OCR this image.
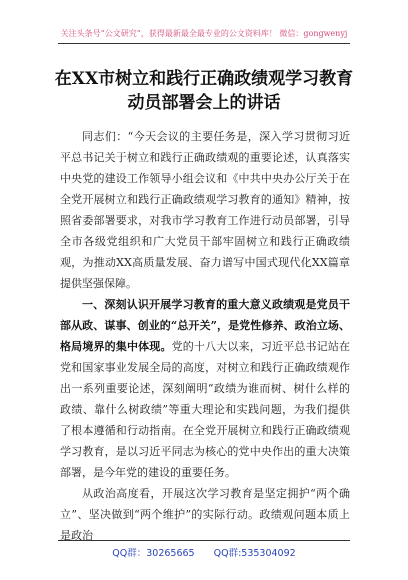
关注头条号“公文研究”，获得最新最全最专业的公文资料库！ 微信：gongwenyj
在XX市树立和践行正确政绩观学习教育
动员部署会上的讲话

同志们：“今天会议的主要任务是，深入学习贯彻习近平总书记关于树立和践行正确政绩观的重要论述，认真落实中央党的建设工作领导小组会议和《中共中央办公厅关于在全党开展树立和践行正确政绩观学习教育的通知》精神，按照省委部署要求，对我市学习教育工作进行动员部署，引导全市各级党组织和广大党员干部牢固树立和践行正确政绩观，为推动XX高质量发展、奋力谱写中国式现代化XX篇章提供坚强保障。

一、深刻认识开展学习教育的重大意义政绩观是党员干部从政、谋事、创业的“总开关”，是党性修养、政治立场、格局境界的集中体现。党的十八大以来，习近平总书记站在党和国家事业发展全局的高度，对树立和践行正确政绩观作出一系列重要论述，深刻阐明“政绩为谁而树、树什么样的政绩、靠什么树政绩”等重大理论和实践问题，为我们提供了根本遵循和行动指南。在全党开展树立和践行正确政绩观学习教育，是以习近平同志为核心的党中央作出的重大决策部署，是今年党的建设的重要任务。

从政治高度看，开展这次学习教育是坚定拥护“两个确立”、坚决做到“两个维护”的实际行动。政绩观问题本质上是政治

QQ群：30265665 QQ群:535304092
